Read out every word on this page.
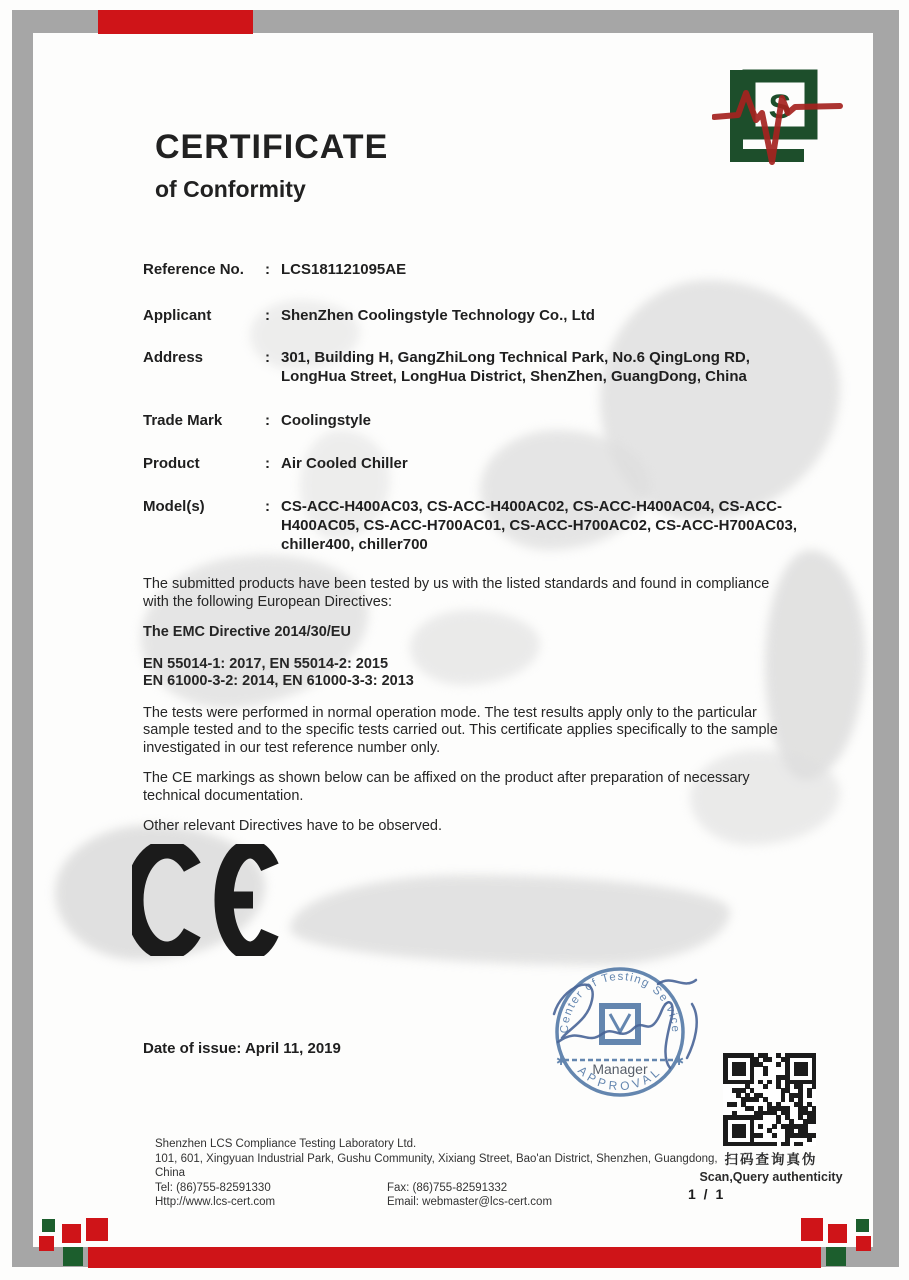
S
CERTIFICATE
of Conformity
Reference No.	: LCS181121095AE
Applicant	: ShenZhen Coolingstyle Technology Co., Ltd
Address	: 301, Building H, GangZhiLong Technical Park, No.6 QingLong RD, LongHua Street, LongHua District, ShenZhen, GuangDong, China
Trade Mark	: Coolingstyle
Product	: Air Cooled Chiller
Model(s)	: CS-ACC-H400AC03, CS-ACC-H400AC02, CS-ACC-H400AC04, CS-ACC-H400AC05, CS-ACC-H700AC01, CS-ACC-H700AC02, CS-ACC-H700AC03, chiller400, chiller700

The submitted products have been tested by us with the listed standards and found in compliance with the following European Directives:

The EMC Directive 2014/30/EU

EN 55014-1: 2017, EN 55014-2: 2015
EN 61000-3-2: 2014, EN 61000-3-3: 2013

The tests were performed in normal operation mode. The test results apply only to the particular sample tested and to the specific tests carried out. This certificate applies specifically to the sample investigated in our test reference number only.

The CE markings as shown below can be affixed on the product after preparation of necessary technical documentation.

Other relevant Directives have to be observed.

Date of issue: April 11, 2019
Center of Testing Service
APPROVAL
✱	✱
Manager
扫码查询真伪
Scan,Query authenticity
1 / 1
Shenzhen LCS Compliance Testing Laboratory Ltd.
101, 601, Xingyuan Industrial Park, Gushu Community, Xixiang Street, Bao'an District, Shenzhen, Guangdong, China
Tel: (86)755-82591330	Fax: (86)755-82591332
Http://www.lcs-cert.com	Email: webmaster@lcs-cert.com
